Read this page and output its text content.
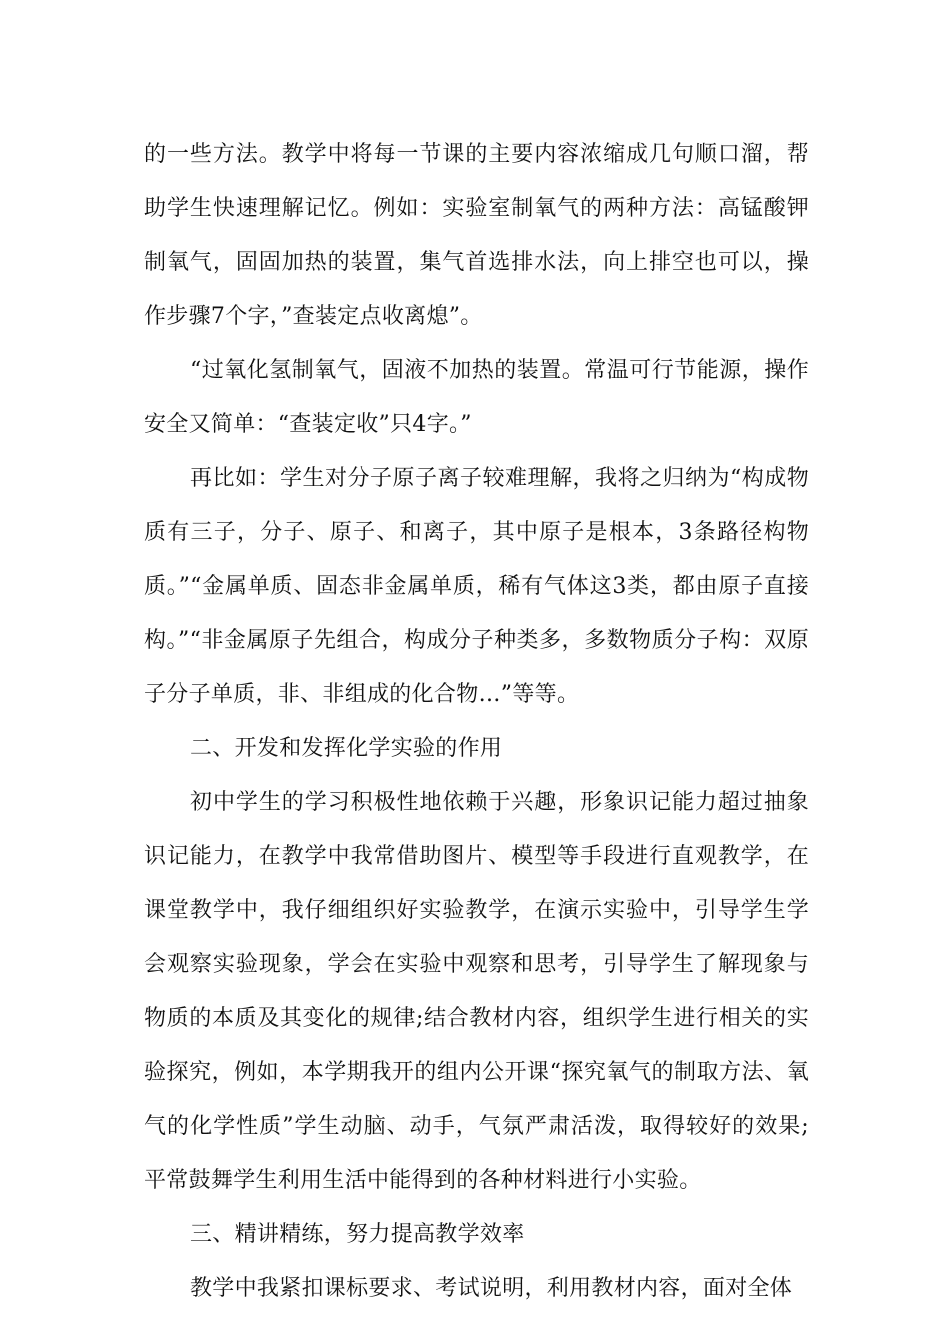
的一些方法。教学中将每一节课的主要内容浓缩成几句顺口溜，帮助学生快速理解记忆。例如：实验室制氧气的两种方法：高锰酸钾制氧气，固固加热的装置，集气首选排水法，向上排空也可以，操作步骤7个字，”查装定点收离熄”。

“过氧化氢制氧气，固液不加热的装置。常温可行节能源，操作安全又简单：“查装定收”只4字。”

再比如：学生对分子原子离子较难理解，我将之归纳为“构成物质有三子，分子、原子、和离子，其中原子是根本，3条路径构物质。”“金属单质、固态非金属单质，稀有气体这3类，都由原子直接构。”“非金属原子先组合，构成分子种类多，多数物质分子构：双原子分子单质，非、非组成的化合物…”等等。

二、开发和发挥化学实验的作用

初中学生的学习积极性地依赖于兴趣，形象识记能力超过抽象识记能力，在教学中我常借助图片、模型等手段进行直观教学，在课堂教学中，我仔细组织好实验教学，在演示实验中，引导学生学会观察实验现象，学会在实验中观察和思考，引导学生了解现象与物质的本质及其变化的规律;结合教材内容，组织学生进行相关的实验探究，例如，本学期我开的组内公开课“探究氧气的制取方法、氧气的化学性质”学生动脑、动手，气氛严肃活泼，取得较好的效果;平常鼓舞学生利用生活中能得到的各种材料进行小实验。

三、精讲精练，努力提高教学效率

教学中我紧扣课标要求、考试说明，利用教材内容，面对全体
